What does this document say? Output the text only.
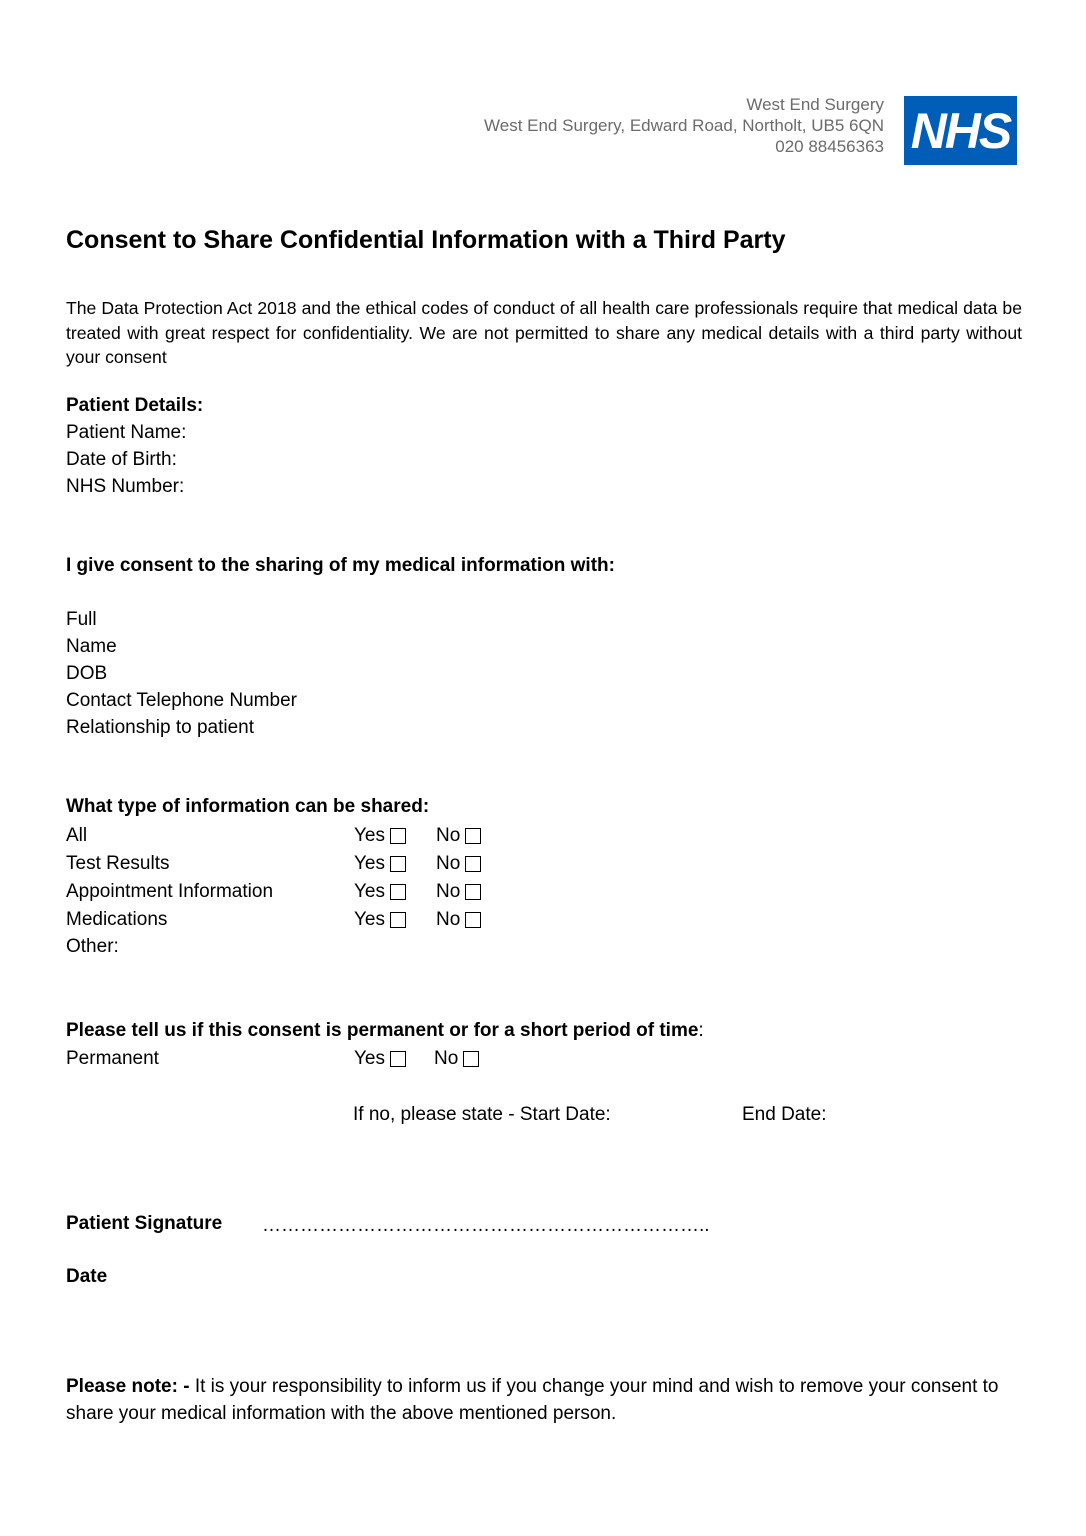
West End Surgery
West End Surgery, Edward Road, Northolt, UB5 6QN
020 88456363 NHS
Consent to Share Confidential Information with a Third Party
The Data Protection Act 2018 and the ethical codes of conduct of all health care professionals require that medical data be treated with great respect for confidentiality. We are not permitted to share any medical details with a third party without your consent
Patient Details:
Patient Name:
Date of Birth:
NHS Number:
I give consent to the sharing of my medical information with:
Full
Name
DOB
Contact Telephone Number
Relationship to patient
What type of information can be shared:
All	Yes	No
Test Results	Yes	No
Appointment Information	Yes	No
Medications	Yes	No
Other:
Please tell us if this consent is permanent or for a short period of time:
Permanent	Yes	No
If no, please state - Start Date:	End Date:
Patient Signature ……………………………………………………………..
Date
Please note: - It is your responsibility to inform us if you change your mind and wish to remove your consent to share your medical information with the above mentioned person.
